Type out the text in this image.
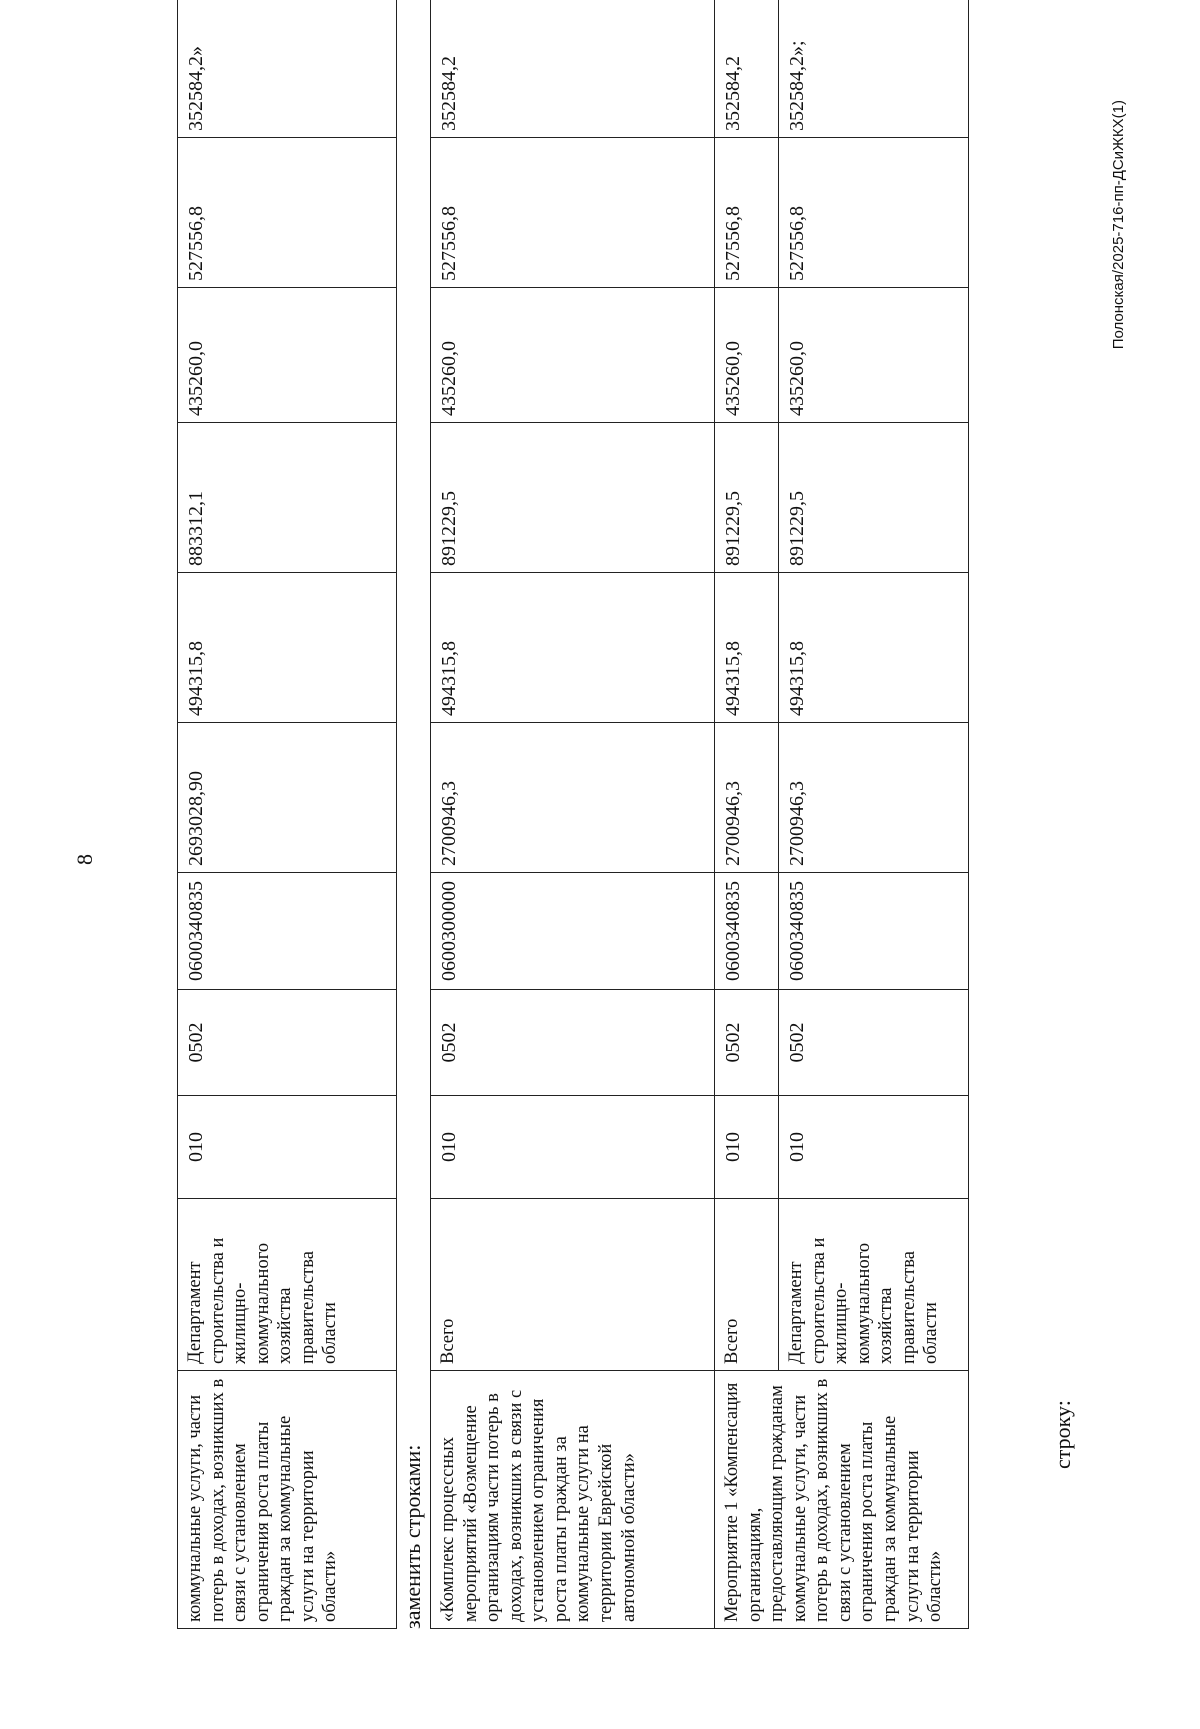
8
коммунальные услуги, части потерь в доходах, возникших в связи с установлением ограничения роста платы граждан за коммунальные услуги на территории области»	Департамент строительства и жилищно-коммунального хозяйства правительства области	010	0502	0600340835	2693028,90	494315,8	883312,1	435260,0	527556,8	352584,2»
заменить строками: «Комплекс процессных мероприятий «Возмещение организациям части потерь в доходах, возникших в связи с установлением ограничения роста платы граждан за коммунальные услуги на территории Еврейской автономной области»	Всего	010	0502	0600300000	2700946,3	494315,8	891229,5	435260,0	527556,8	352584,2
Мероприятие 1 «Компенсация организациям, предоставляющим гражданам коммунальные услуги, части потерь в доходах, возникших в связи с установлением ограничения роста платы граждан за коммунальные услуги на территории области»	Всего	010	0502	0600340835	2700946,3	494315,8	891229,5	435260,0	527556,8	352584,2
	Департамент строительства и жилищно-коммунального хозяйства правительства области	010	0502	0600340835	2700946,3	494315,8	891229,5	435260,0	527556,8	352584,2»;
строку:
Полонская/2025-716-пп-ДСиЖКХ(1)
